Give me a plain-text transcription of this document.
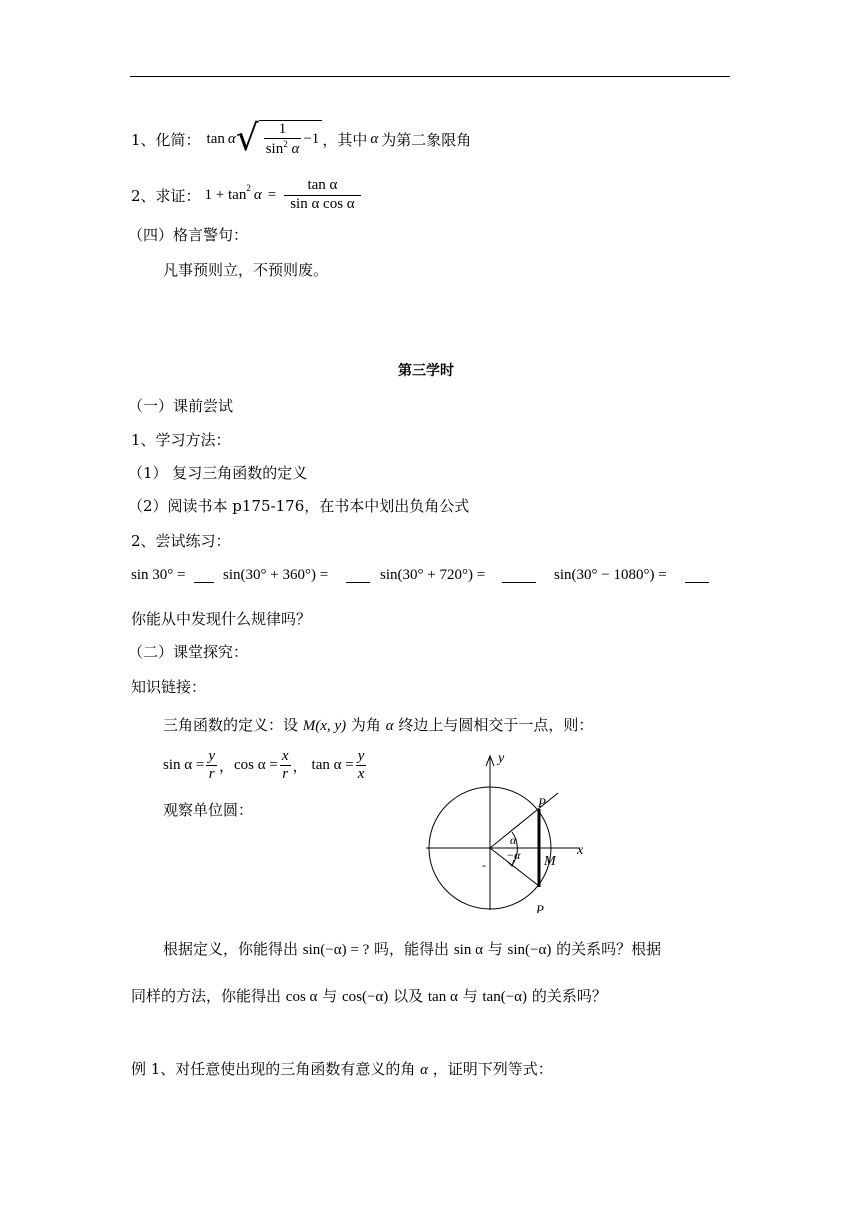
1、化简： tan α √ $\frac{1}{\sin^2 \alpha} -1$ ，其中 α 为第二象限角
2、求证： $1 + \tan^2 \alpha = \frac{\text{tan α}}{\text{sin α cos α}}$
（四）格言警句：
凡事预则立，不预则废。
第三学时
（一）课前尝试
1、学习方法：
（1） 复习三角函数的定义
（2）阅读书本 p175-176，在书本中划出负角公式
2、尝试练习：
sin 30° =	sin(30° + 360°) =	sin(30° + 720°) =	sin(30° − 1080°) =
你能从中发现什么规律吗？
（二）课堂探究：
知识链接：
三角函数的定义：设 M(x, y) 为角 α 终边上与圆相交于一点，则：
$\sin \alpha = \frac{y}{r}$ ， $\cos \alpha = \frac{x}{r}$ ， $\tan \alpha = \frac{y}{x}$
观察单位圆：
y
x
α
−α M
-
P
P
根据定义，你能得出 sin(−α) = ? 吗，能得出 sin α 与 sin(−α) 的关系吗？根据
同样的方法，你能得出 cos α 与 cos(−α) 以及 tan α 与 tan(−α) 的关系吗？
例 1、对任意使出现的三角函数有意义的角 α ，证明下列等式：
